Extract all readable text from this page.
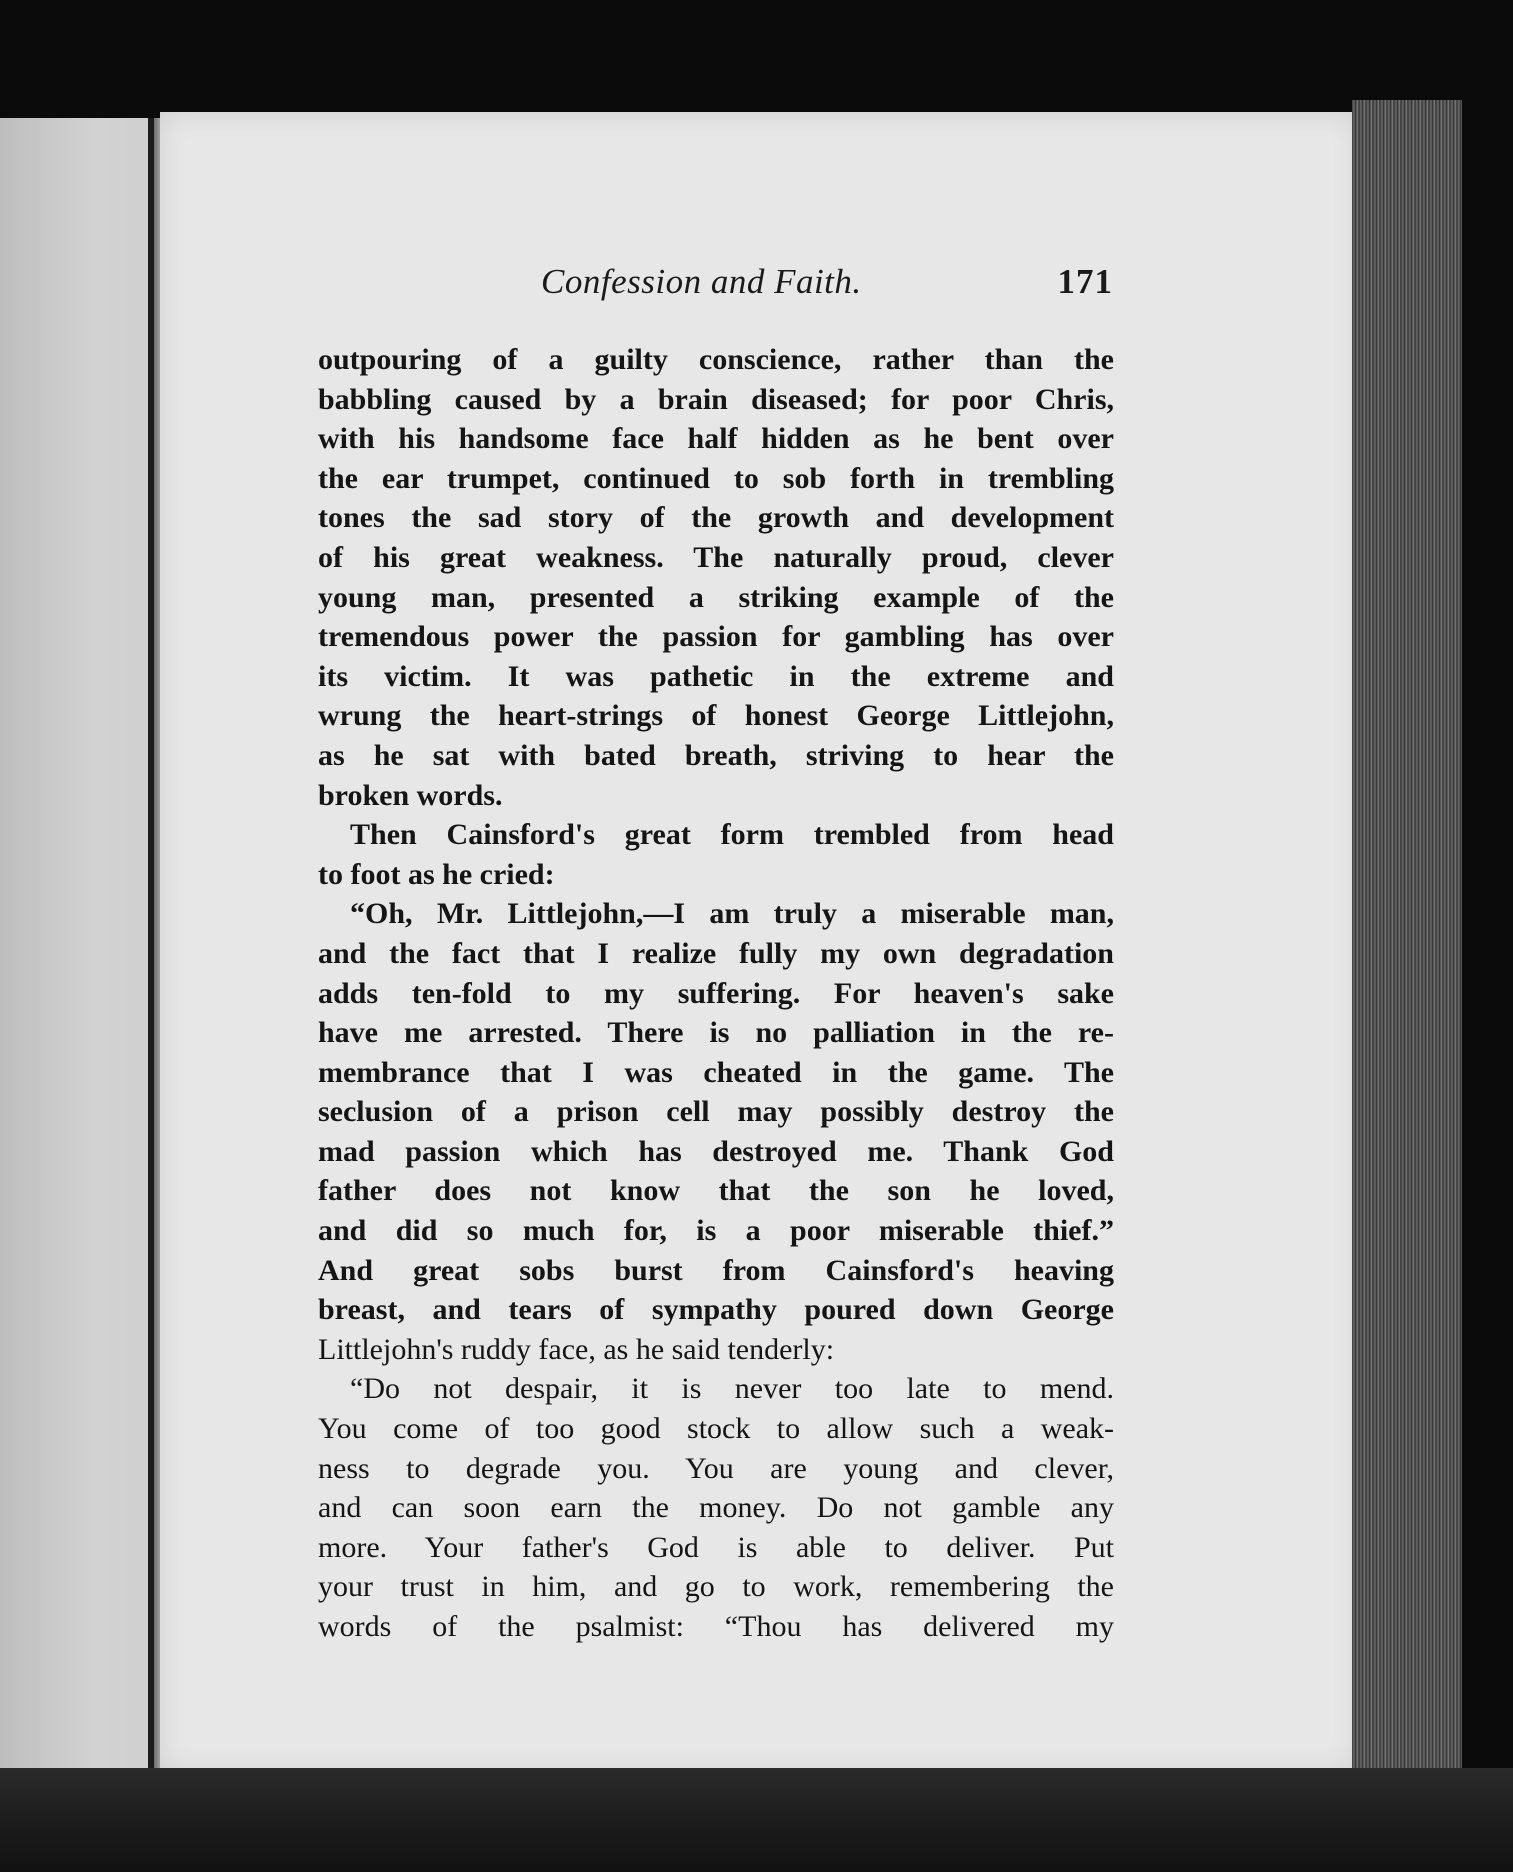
Confession and Faith.	171
outpouring of a guilty conscience, rather than the
babbling caused by a brain diseased; for poor Chris,
with his handsome face half hidden as he bent over
the ear trumpet, continued to sob forth in trembling
tones the sad story of the growth and development
of his great weakness. The naturally proud, clever
young man, presented a striking example of the
tremendous power the passion for gambling has over
its victim. It was pathetic in the extreme and
wrung the heart-strings of honest George Littlejohn,
as he sat with bated breath, striving to hear the
broken words.
Then Cainsford's great form trembled from head
to foot as he cried:
“Oh, Mr. Littlejohn,—I am truly a miserable man,
and the fact that I realize fully my own degradation
adds ten-fold to my suffering. For heaven's sake
have me arrested. There is no palliation in the re-
membrance that I was cheated in the game. The
seclusion of a prison cell may possibly destroy the
mad passion which has destroyed me. Thank God
father does not know that the son he loved,
and did so much for, is a poor miserable thief.”
And great sobs burst from Cainsford's heaving
breast, and tears of sympathy poured down George
Littlejohn's ruddy face, as he said tenderly:
“Do not despair, it is never too late to mend.
You come of too good stock to allow such a weak-
ness to degrade you. You are young and clever,
and can soon earn the money. Do not gamble any
more. Your father's God is able to deliver. Put
your trust in him, and go to work, remembering the
words of the psalmist: “Thou has delivered my
